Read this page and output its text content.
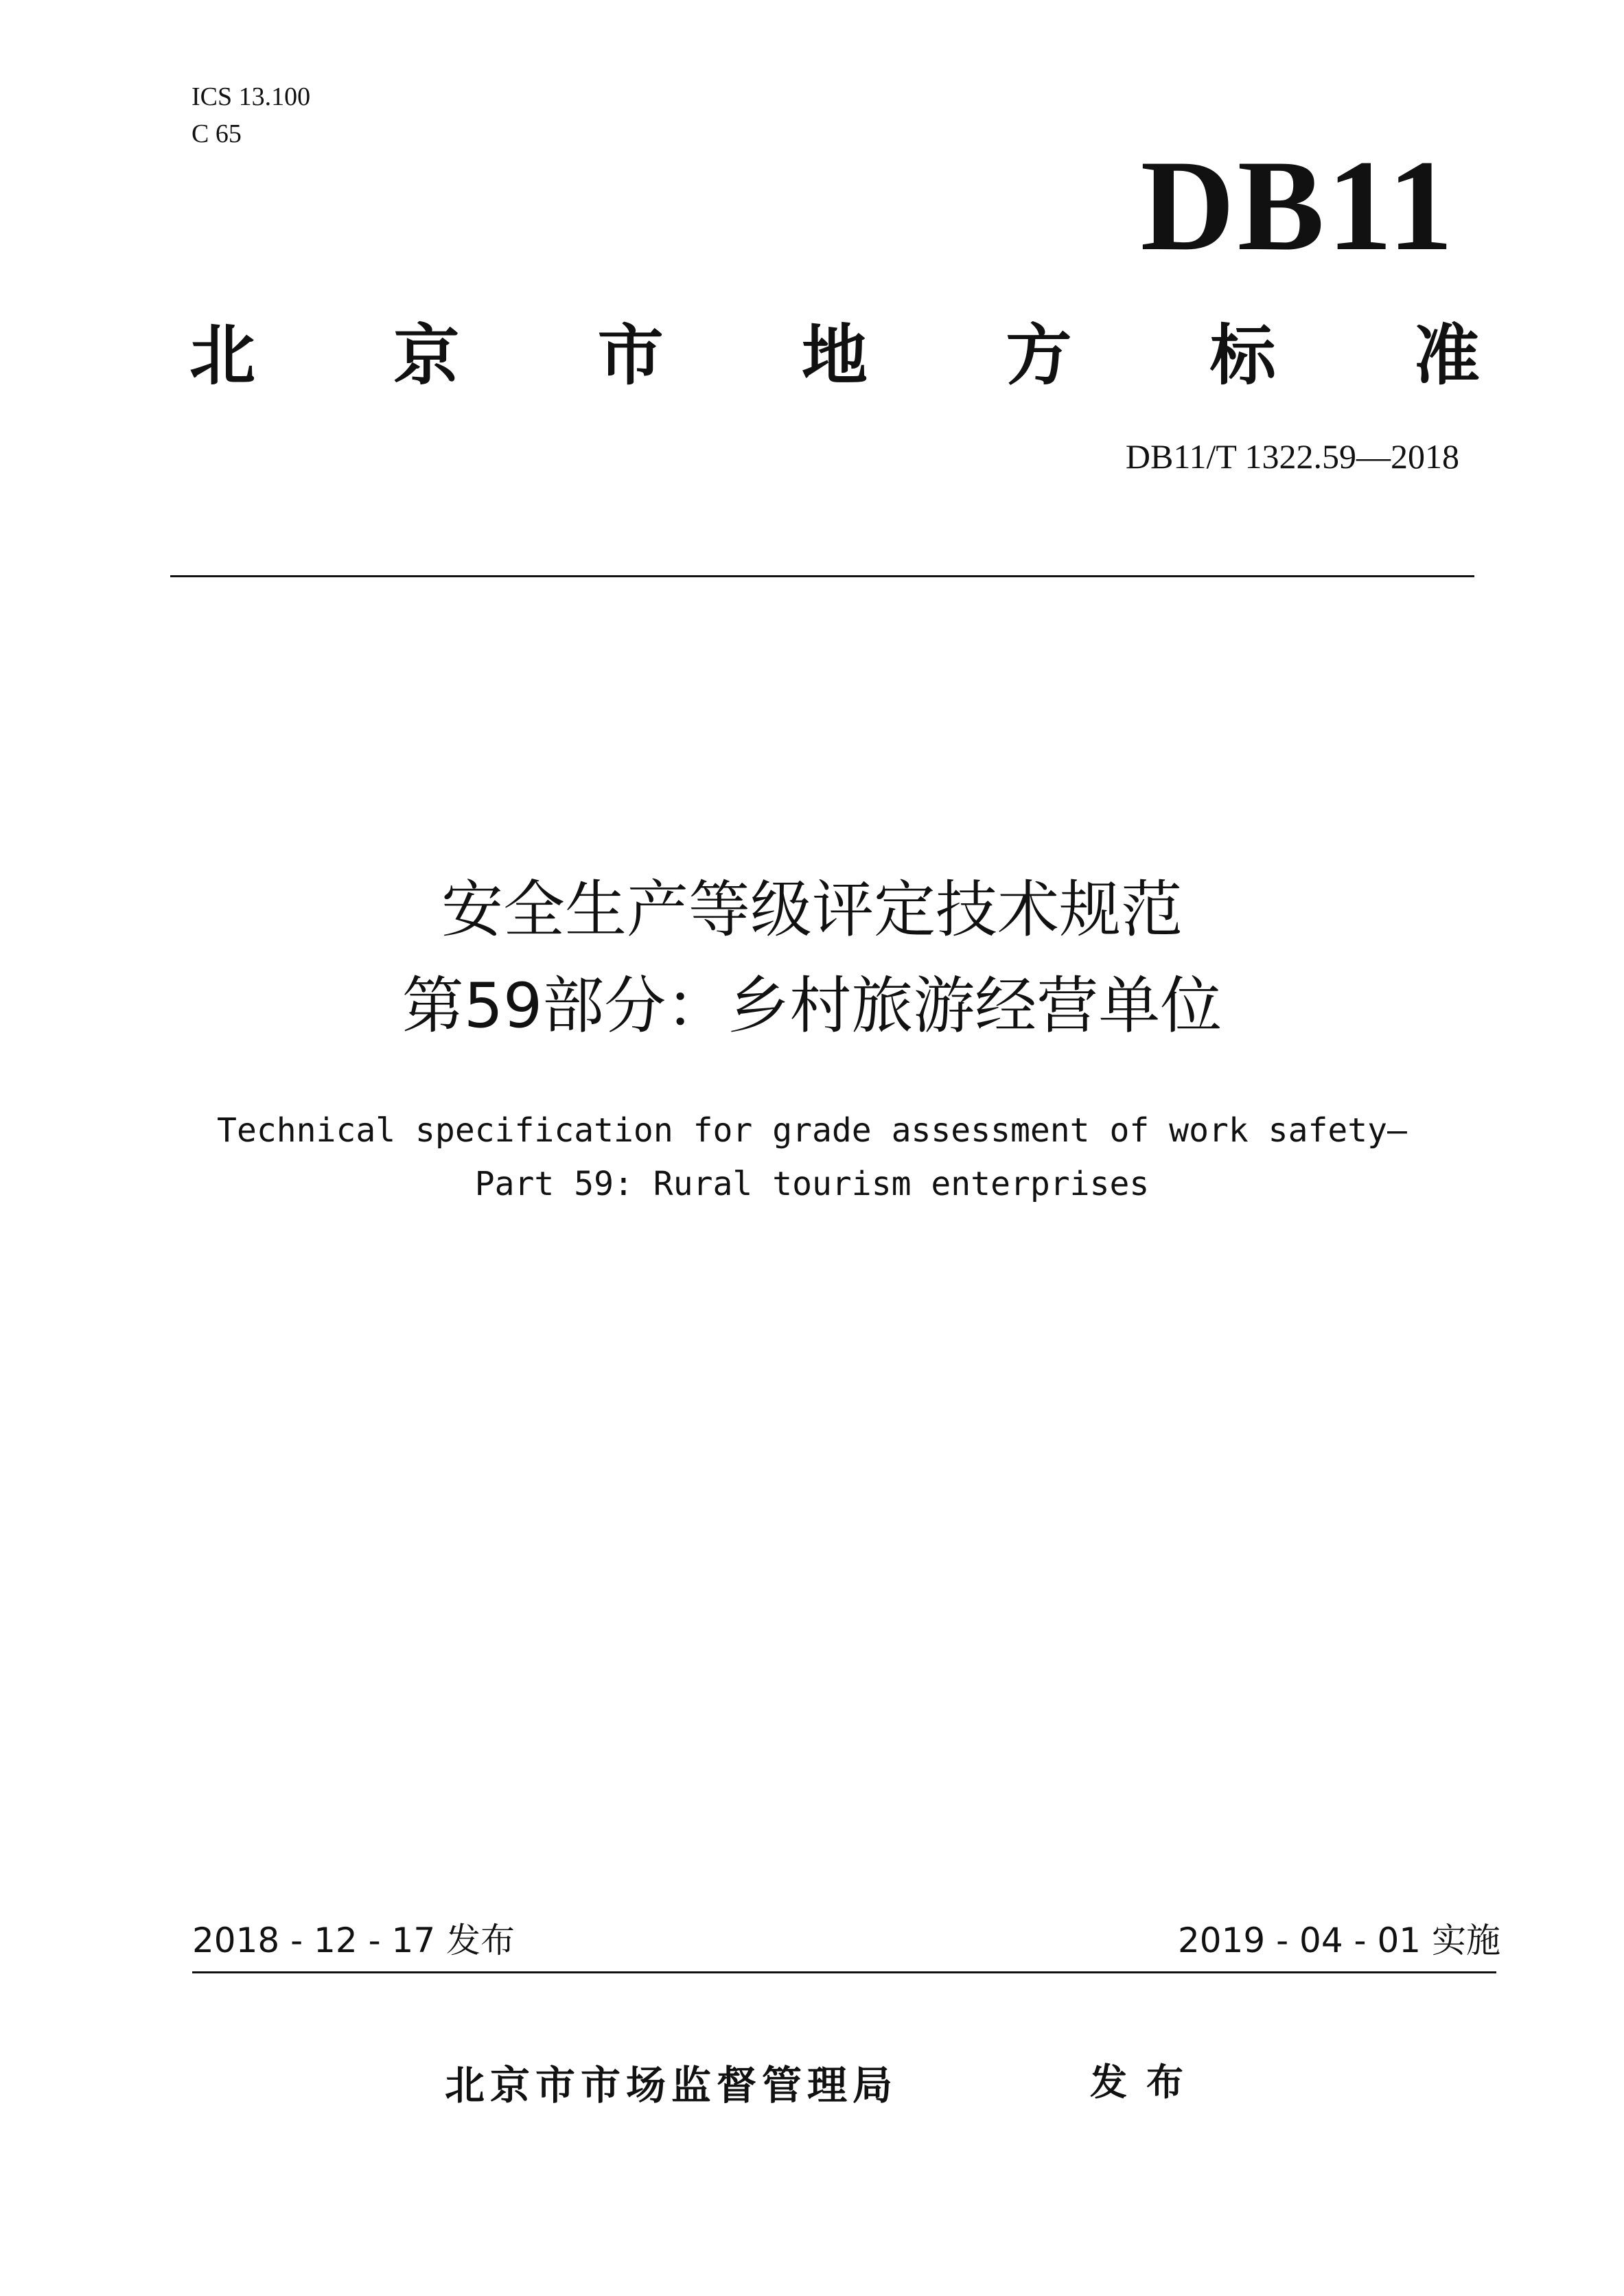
ICS 13.100
C 65	DB11
北 京 市 地 方 标 准
DB11/T 1322.59—2018
安全生产等级评定技术规范
第59部分：乡村旅游经营单位
Technical specification for grade assessment of work safety—
Part 59: Rural tourism enterprises
2018 - 12 - 17 发布	2019 - 04 - 01 实施
北京市市场监督管理局	发布
